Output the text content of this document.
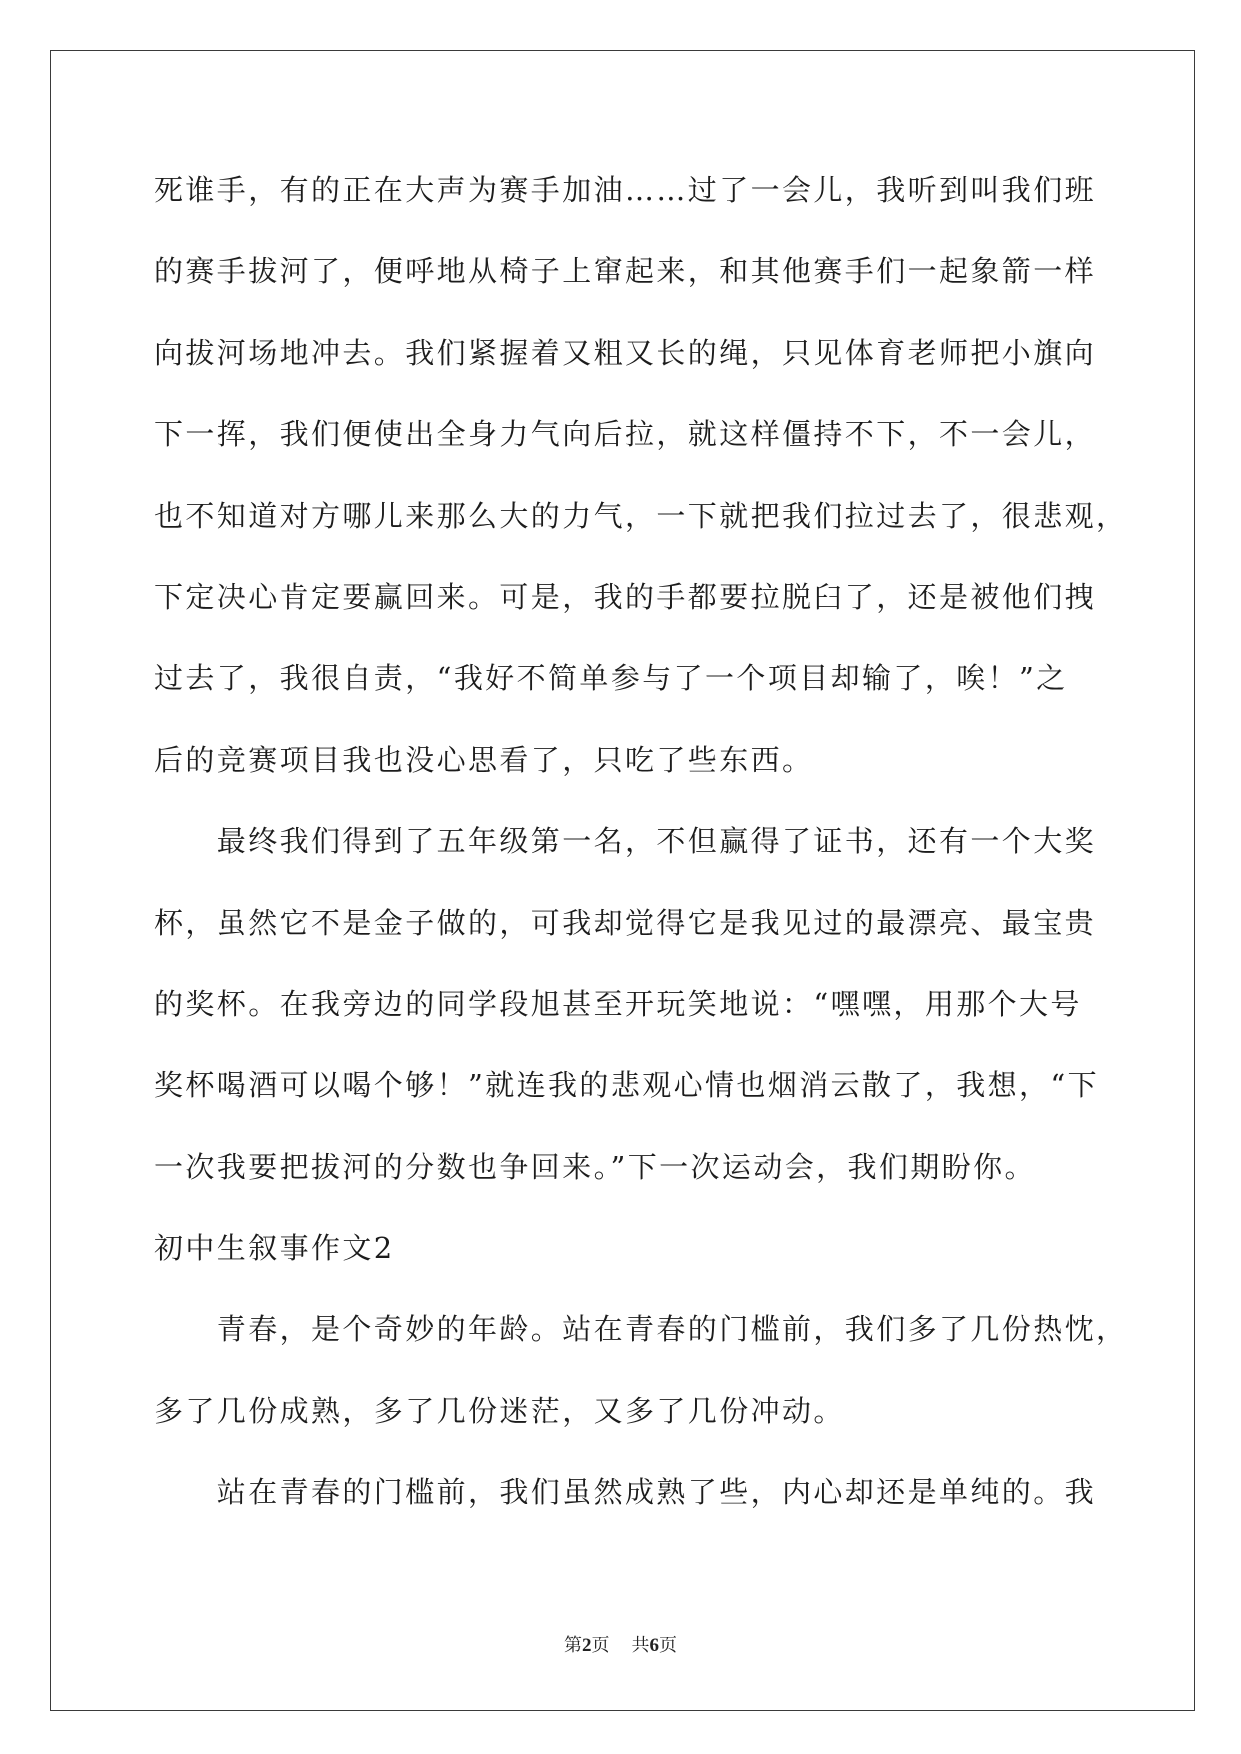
死谁手，有的正在大声为赛手加油……过了一会儿，我听到叫我们班
的赛手拔河了，便呼地从椅子上窜起来，和其他赛手们一起象箭一样
向拔河场地冲去。我们紧握着又粗又长的绳，只见体育老师把小旗向
下一挥，我们便使出全身力气向后拉，就这样僵持不下，不一会儿，
也不知道对方哪儿来那么大的力气，一下就把我们拉过去了，很悲观，
下定决心肯定要赢回来。可是，我的手都要拉脱臼了，还是被他们拽
过去了，我很自责，“我好不简单参与了一个项目却输了，唉！”之
后的竞赛项目我也没心思看了，只吃了些东西。
最终我们得到了五年级第一名，不但赢得了证书，还有一个大奖
杯，虽然它不是金子做的，可我却觉得它是我见过的最漂亮、最宝贵
的奖杯。在我旁边的同学段旭甚至开玩笑地说：“嘿嘿，用那个大号
奖杯喝酒可以喝个够！”就连我的悲观心情也烟消云散了，我想，“下
一次我要把拔河的分数也争回来。”下一次运动会，我们期盼你。
初中生叙事作文2
青春，是个奇妙的年龄。站在青春的门槛前，我们多了几份热忱，
多了几份成熟，多了几份迷茫，又多了几份冲动。
站在青春的门槛前，我们虽然成熟了些，内心却还是单纯的。我
第2页 共6页
